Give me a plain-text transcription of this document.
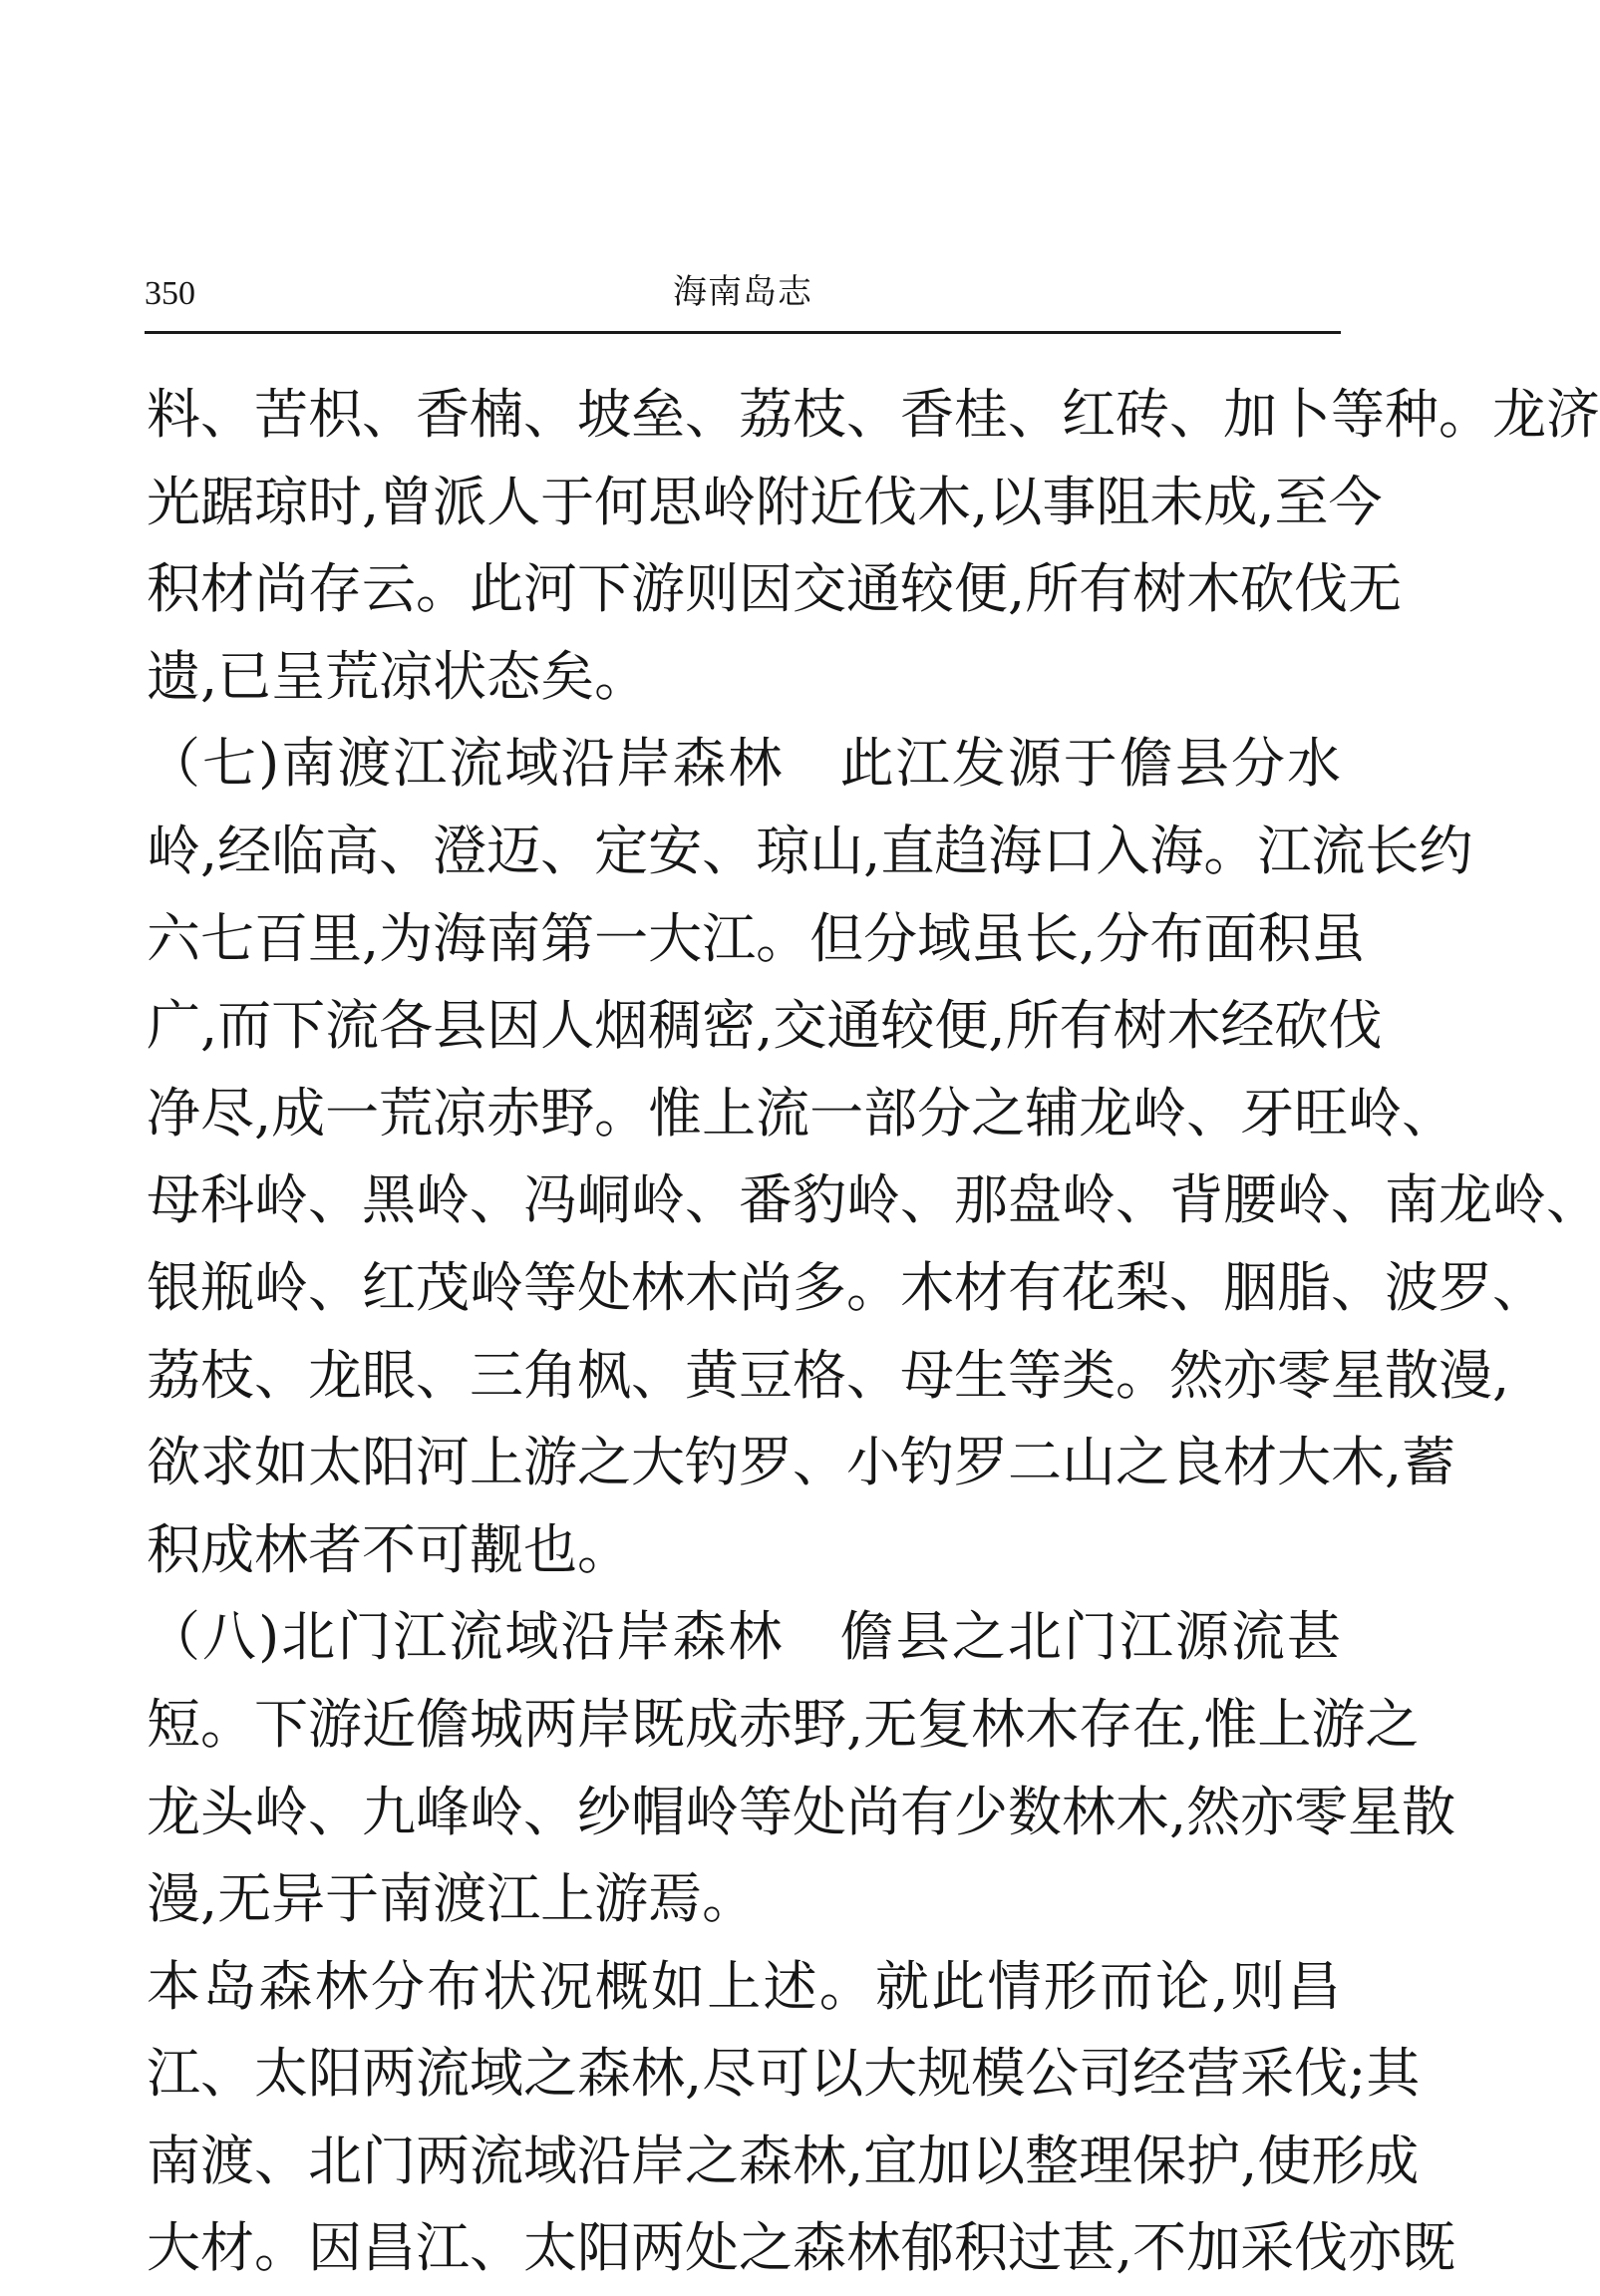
350	海南岛志
料、苦枳、香楠、坡垒、荔枝、香桂、红砖、加卜等种。龙济
光踞琼时,曾派人于何思岭附近伐木,以事阻未成,至今
积材尚存云。此河下游则因交通较便,所有树木砍伐无
遗,已呈荒凉状态矣。
（七)南渡江流域沿岸森林　此江发源于儋县分水
岭,经临高、澄迈、定安、琼山,直趋海口入海。江流长约
六七百里,为海南第一大江。但分域虽长,分布面积虽
广,而下流各县因人烟稠密,交通较便,所有树木经砍伐
净尽,成一荒凉赤野。惟上流一部分之辅龙岭、牙旺岭、
母科岭、黑岭、冯峒岭、番豹岭、那盘岭、背腰岭、南龙岭、
银瓶岭、红茂岭等处林木尚多。木材有花梨、胭脂、波罗、
荔枝、龙眼、三角枫、黄豆格、母生等类。然亦零星散漫,
欲求如太阳河上游之大钓罗、小钓罗二山之良材大木,蓄
积成林者不可觏也。
（八)北门江流域沿岸森林　儋县之北门江源流甚
短。下游近儋城两岸既成赤野,无复林木存在,惟上游之
龙头岭、九峰岭、纱帽岭等处尚有少数林木,然亦零星散
漫,无异于南渡江上游焉。
本岛森林分布状况概如上述。就此情形而论,则昌
江、太阳两流域之森林,尽可以大规模公司经营采伐;其
南渡、北门两流域沿岸之森林,宜加以整理保护,使形成
大材。因昌江、太阳两处之森林郁积过甚,不加采伐亦既
